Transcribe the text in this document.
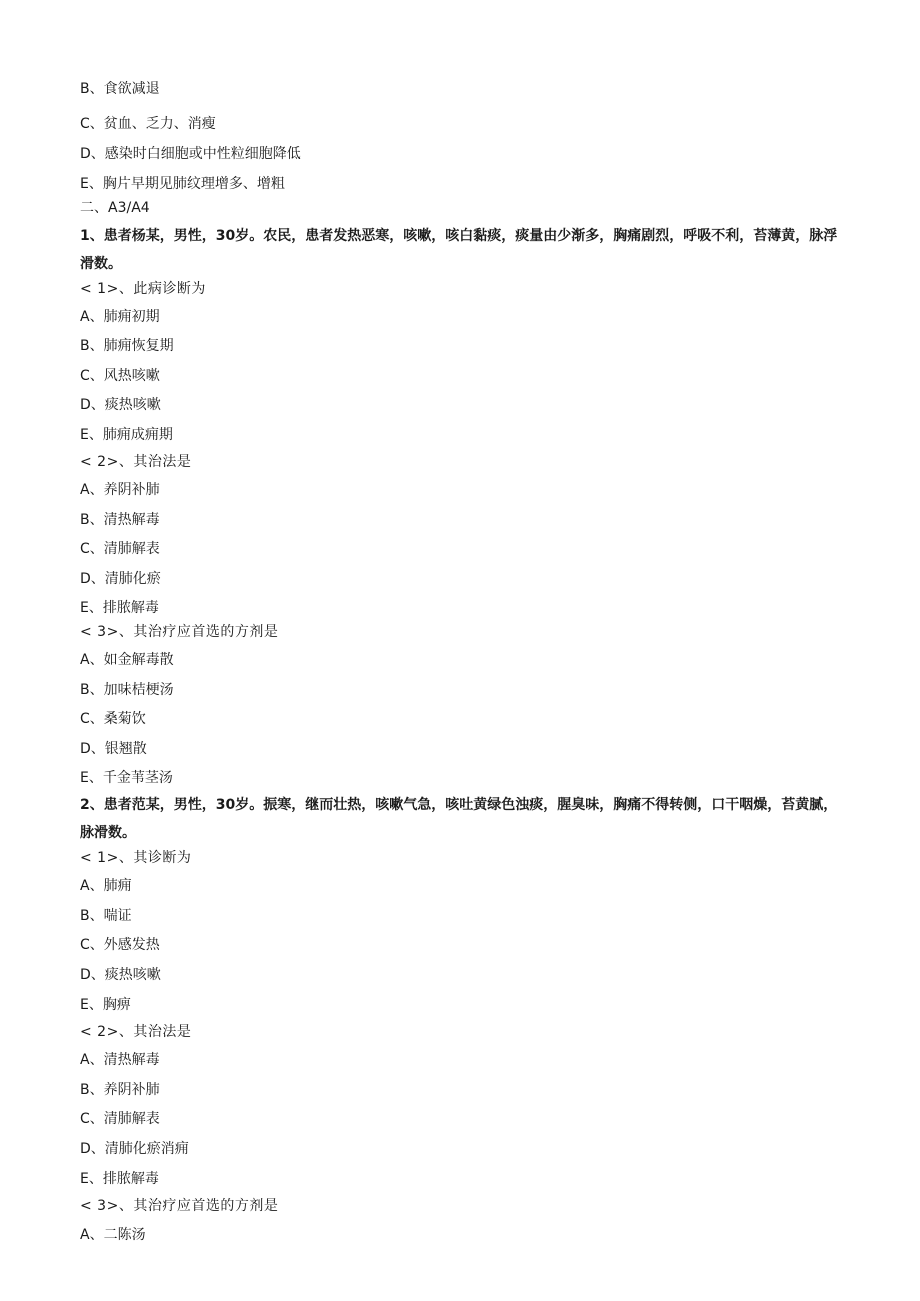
B、食欲减退
C、贫血、乏力、消瘦
D、感染时白细胞或中性粒细胞降低
E、胸片早期见肺纹理增多、增粗
二、A3/A4
1、患者杨某，男性，30岁。农民，患者发热恶寒，咳嗽，咳白黏痰，痰量由少渐多，胸痛剧烈，呼吸不利，苔薄黄，脉浮滑数。
< 1>、此病诊断为
A、肺痈初期
B、肺痈恢复期
C、风热咳嗽
D、痰热咳嗽
E、肺痈成痈期
< 2>、其治法是
A、养阴补肺
B、清热解毒
C、清肺解表
D、清肺化瘀
E、排脓解毒
< 3>、其治疗应首选的方剂是
A、如金解毒散
B、加味桔梗汤
C、桑菊饮
D、银翘散
E、千金苇茎汤
2、患者范某，男性，30岁。振寒，继而壮热，咳嗽气急，咳吐黄绿色浊痰，腥臭味，胸痛不得转侧，口干咽燥，苔黄腻，脉滑数。
< 1>、其诊断为
A、肺痈
B、喘证
C、外感发热
D、痰热咳嗽
E、胸痹
< 2>、其治法是
A、清热解毒
B、养阴补肺
C、清肺解表
D、清肺化瘀消痈
E、排脓解毒
< 3>、其治疗应首选的方剂是
A、二陈汤
